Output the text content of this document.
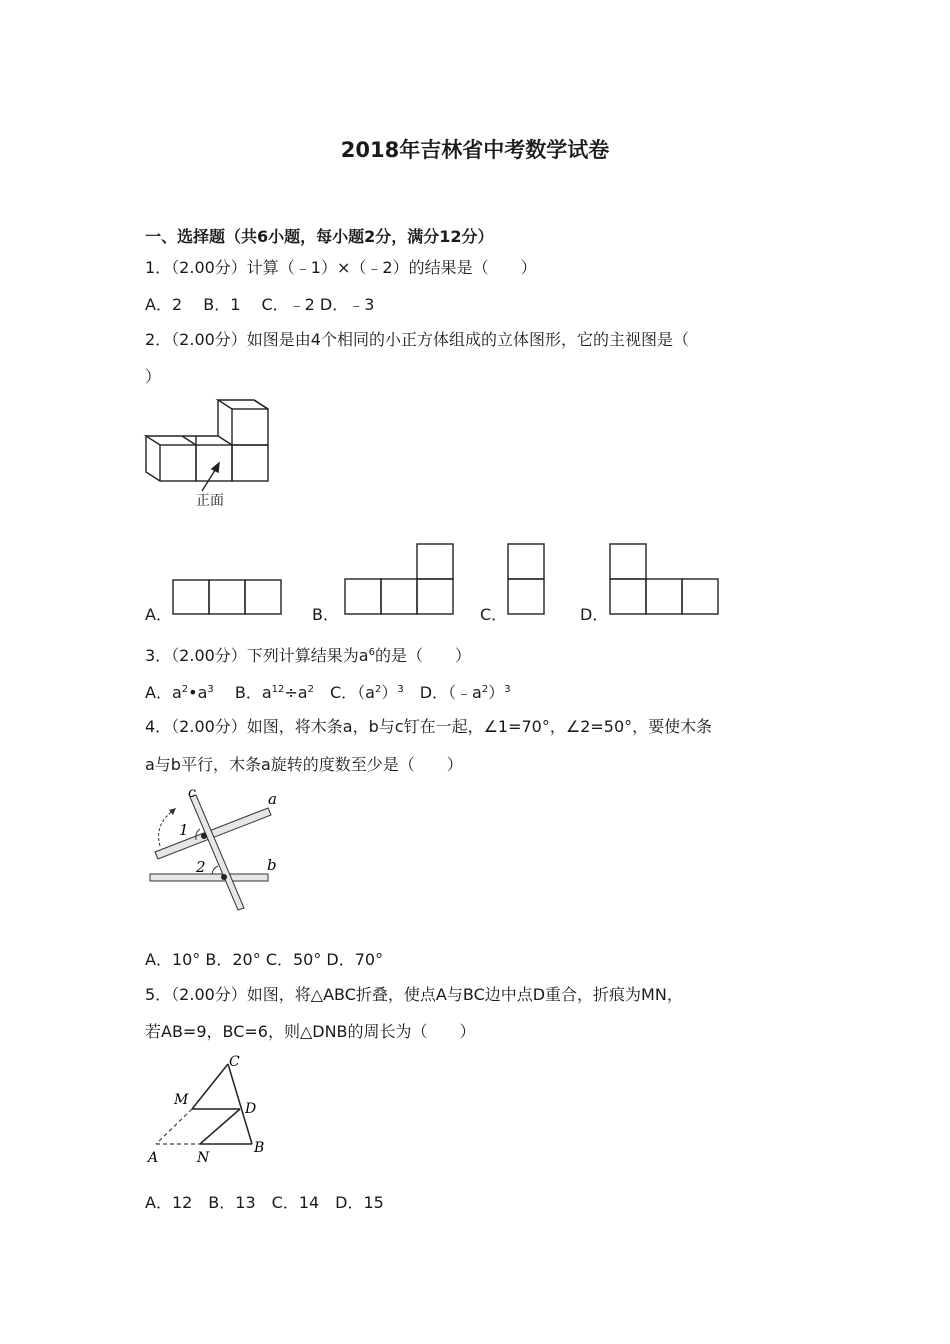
2018年吉林省中考数学试卷
一、选择题（共6小题，每小题2分，满分12分）
1．（2.00分）计算（﹣1）×（﹣2）的结果是（　　）
A．2　 B．1　 C．﹣2 D．﹣3
2．（2.00分）如图是由4个相同的小正方体组成的立体图形，它的主视图是（
）
正面
A．	B．	C．	D．
3．（2.00分）下列计算结果为$a^6$的是（　　）
A．$a^2•a^3$　 B．$a^{12}\div a^2$　C．$(a^2)^3$　D．$(﹣a^2)^3$
4．（2.00分）如图，将木条a，b与c钉在一起，∠1=70°，∠2=50°，要使木条
a与b平行，木条a旋转的度数至少是（　　）
c	a
b
1
2
A．10° B．20° C．50° D．70°
5．（2.00分）如图，将△ABC折叠，使点A与BC边中点D重合，折痕为MN，
若AB=9，BC=6，则△DNB的周长为（　　）
C
M
D
A	N
B
A．12　B．13　C．14　D．15
